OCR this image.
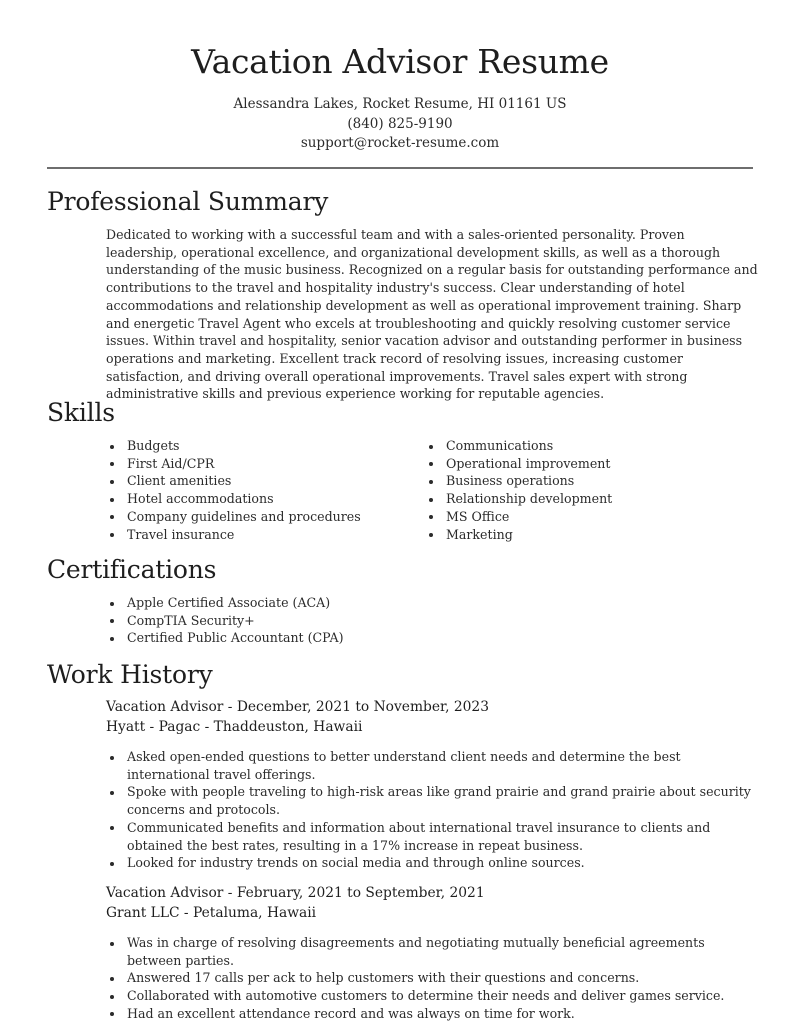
Vacation Advisor Resume
Alessandra Lakes, Rocket Resume, HI 01161 US
(840) 825-9190
support@rocket-resume.com
Professional Summary
Dedicated to working with a successful team and with a sales-oriented personality. Proven leadership, operational excellence, and organizational development skills, as well as a thorough understanding of the music business. Recognized on a regular basis for outstanding performance and contributions to the travel and hospitality industry's success. Clear understanding of hotel accommodations and relationship development as well as operational improvement training. Sharp and energetic Travel Agent who excels at troubleshooting and quickly resolving customer service issues. Within travel and hospitality, senior vacation advisor and outstanding performer in business operations and marketing. Excellent track record of resolving issues, increasing customer satisfaction, and driving overall operational improvements. Travel sales expert with strong administrative skills and previous experience working for reputable agencies.
Skills
Budgets
First Aid/CPR
Client amenities
Hotel accommodations
Company guidelines and procedures
Travel insurance
Communications
Operational improvement
Business operations
Relationship development
MS Office
Marketing
Certifications
Apple Certified Associate (ACA)
CompTIA Security+
Certified Public Accountant (CPA)
Work History
Vacation Advisor - December, 2021 to November, 2023
Hyatt - Pagac - Thaddeuston, Hawaii
Asked open-ended questions to better understand client needs and determine the best international travel offerings.
Spoke with people traveling to high-risk areas like grand prairie and grand prairie about security concerns and protocols.
Communicated benefits and information about international travel insurance to clients and obtained the best rates, resulting in a 17% increase in repeat business.
Looked for industry trends on social media and through online sources.
Vacation Advisor - February, 2021 to September, 2021
Grant LLC - Petaluma, Hawaii
Was in charge of resolving disagreements and negotiating mutually beneficial agreements between parties.
Answered 17 calls per ack to help customers with their questions and concerns.
Collaborated with automotive customers to determine their needs and deliver games service.
Had an excellent attendance record and was always on time for work.
